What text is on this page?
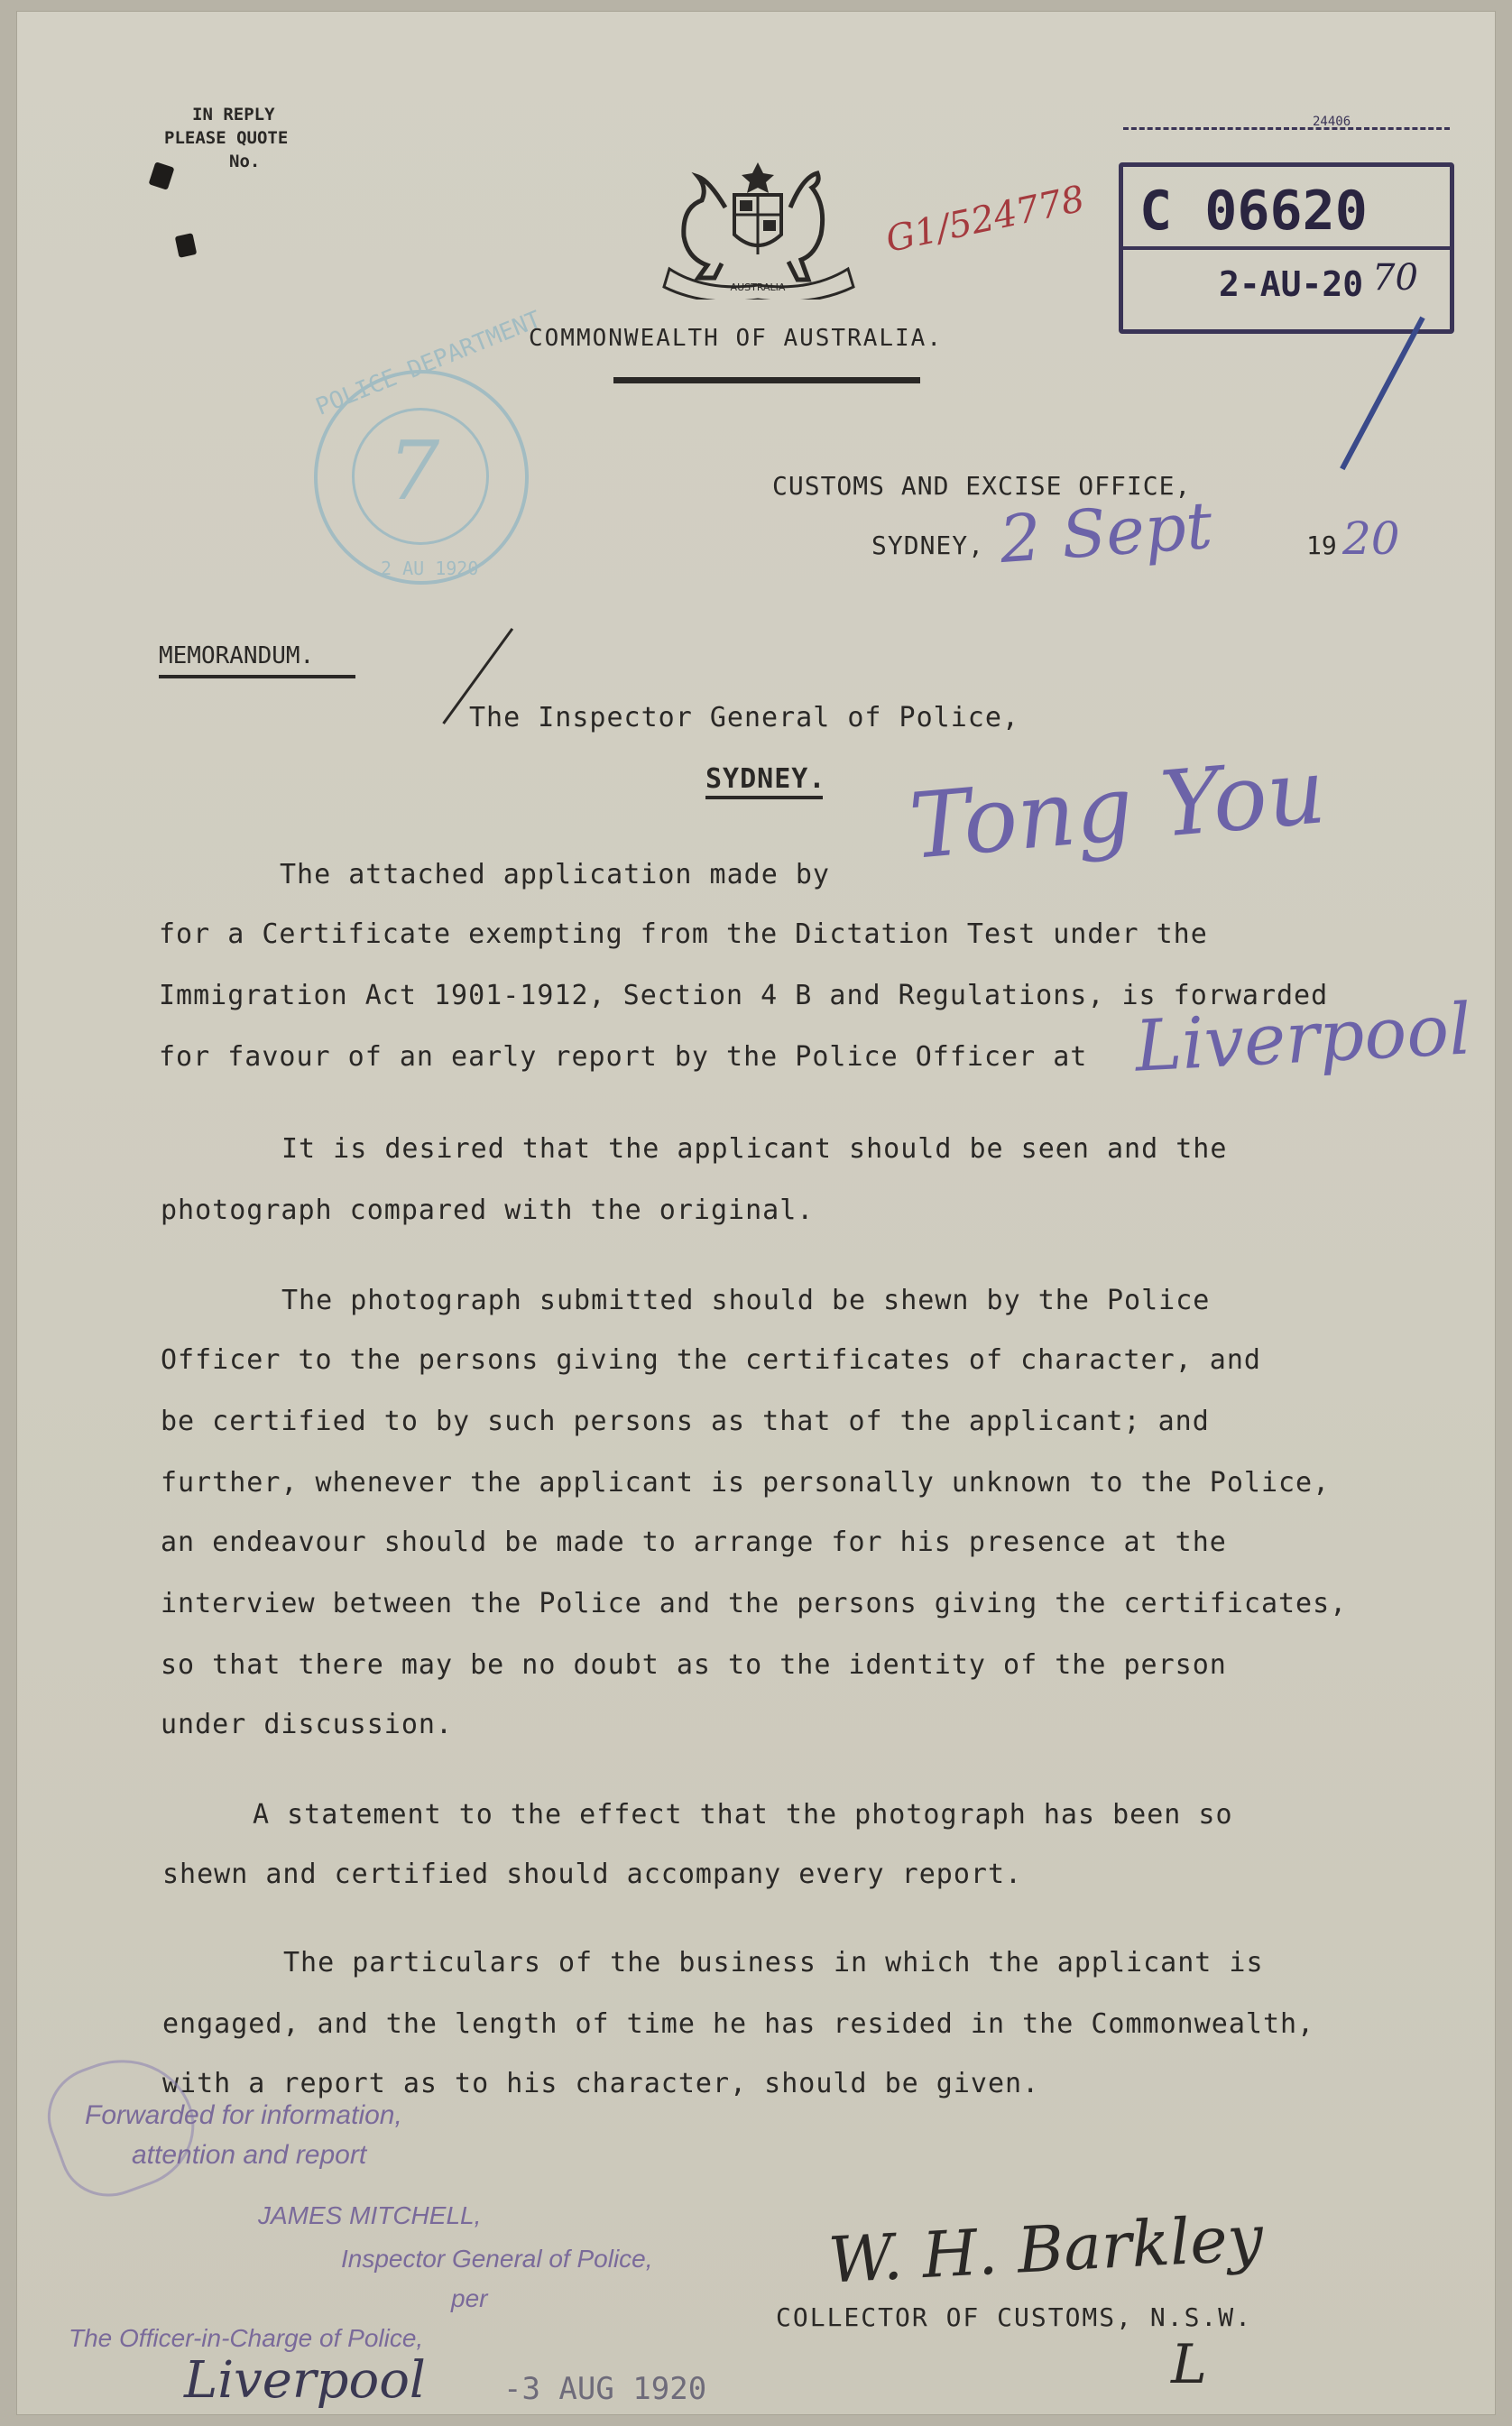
IN REPLY
PLEASE QUOTE
No.
AUSTRALIA
COMMONWEALTH OF AUSTRALIA.
G1/524778
24406
C 06620
2-AU-20 70
7
POLICE DEPARTMENT
2 AU 1920
CUSTOMS AND EXCISE OFFICE,
SYDNEY, 2 Sept	19 20
MEMORANDUM.
The Inspector General of Police,
SYDNEY. Tong You
Liverpool
The attached application made by
for a Certificate exempting from the Dictation Test under the
Immigration Act 1901-1912, Section 4 B and Regulations, is forwarded
for favour of an early report by the Police Officer at
It is desired that the applicant should be seen and the
photograph compared with the original.
The photograph submitted should be shewn by the Police
Officer to the persons giving the certificates of character, and
be certified to by such persons as that of the applicant; and
further, whenever the applicant is personally unknown to the Police,
an endeavour should be made to arrange for his presence at the
interview between the Police and the persons giving the certificates,
so that there may be no doubt as to the identity of the person
under discussion.
A statement to the effect that the photograph has been so
shewn and certified should accompany every report.
The particulars of the business in which the applicant is
engaged, and the length of time he has resided in the Commonwealth,
with a report as to his character, should be given.
Forwarded for information,
attention and report
JAMES MITCHELL,
Inspector General of Police,
per
The Officer-in-Charge of Police,
Liverpool	-3 AUG 1920
W. H. Barkley
COLLECTOR OF CUSTOMS, N.S.W.
L
